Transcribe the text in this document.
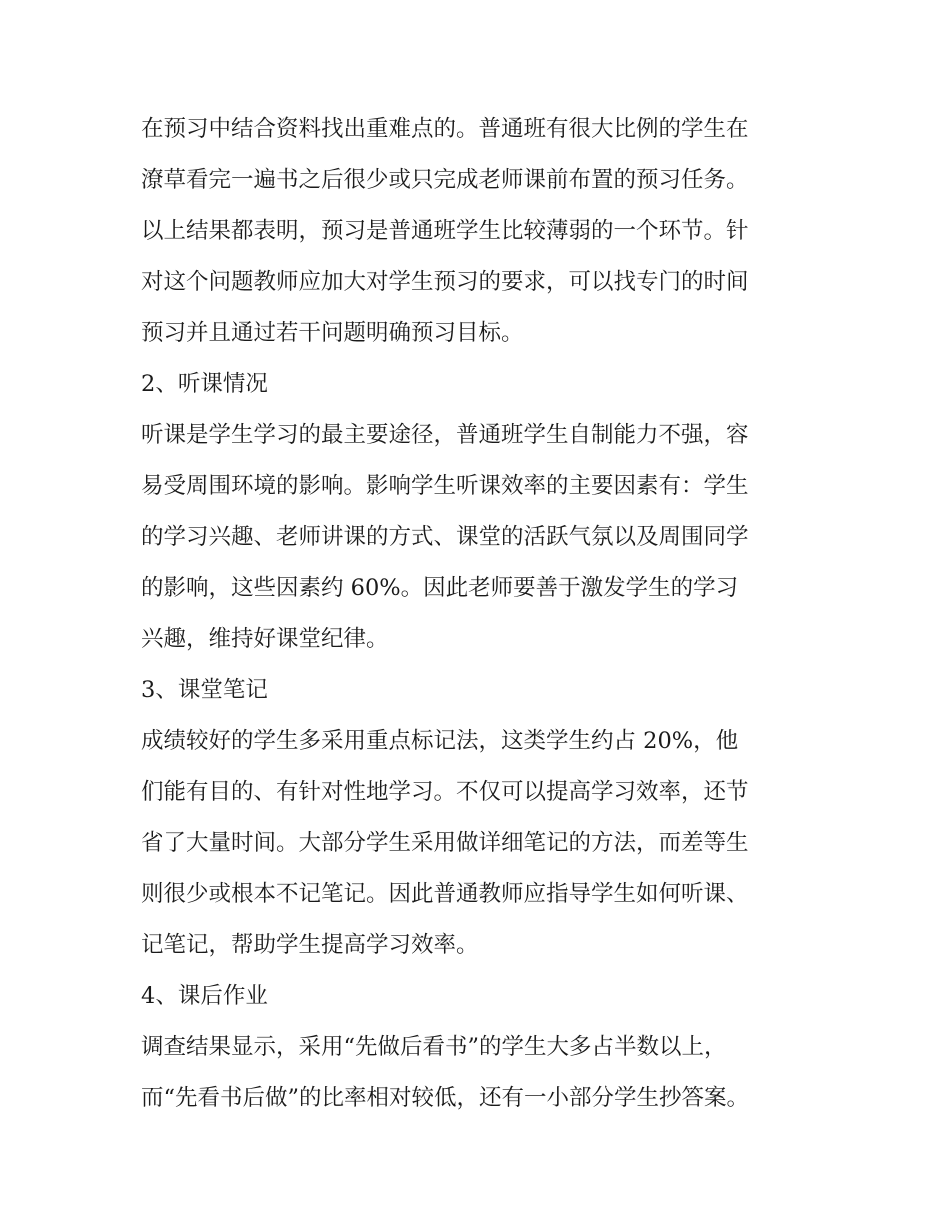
在预习中结合资料找出重难点的。普通班有很大比例的学生在
潦草看完一遍书之后很少或只完成老师课前布置的预习任务。
以上结果都表明，预习是普通班学生比较薄弱的一个环节。针
对这个问题教师应加大对学生预习的要求，可以找专门的时间
预习并且通过若干问题明确预习目标。
2、听课情况
听课是学生学习的最主要途径，普通班学生自制能力不强，容
易受周围环境的影响。影响学生听课效率的主要因素有：学生
的学习兴趣、老师讲课的方式、课堂的活跃气氛以及周围同学
的影响，这些因素约 60%。因此老师要善于激发学生的学习
兴趣，维持好课堂纪律。
3、课堂笔记
成绩较好的学生多采用重点标记法，这类学生约占 20%，他
们能有目的、有针对性地学习。不仅可以提高学习效率，还节
省了大量时间。大部分学生采用做详细笔记的方法，而差等生
则很少或根本不记笔记。因此普通教师应指导学生如何听课、
记笔记，帮助学生提高学习效率。
4、课后作业
调查结果显示，采用“先做后看书”的学生大多占半数以上，
而“先看书后做”的比率相对较低，还有一小部分学生抄答案。
